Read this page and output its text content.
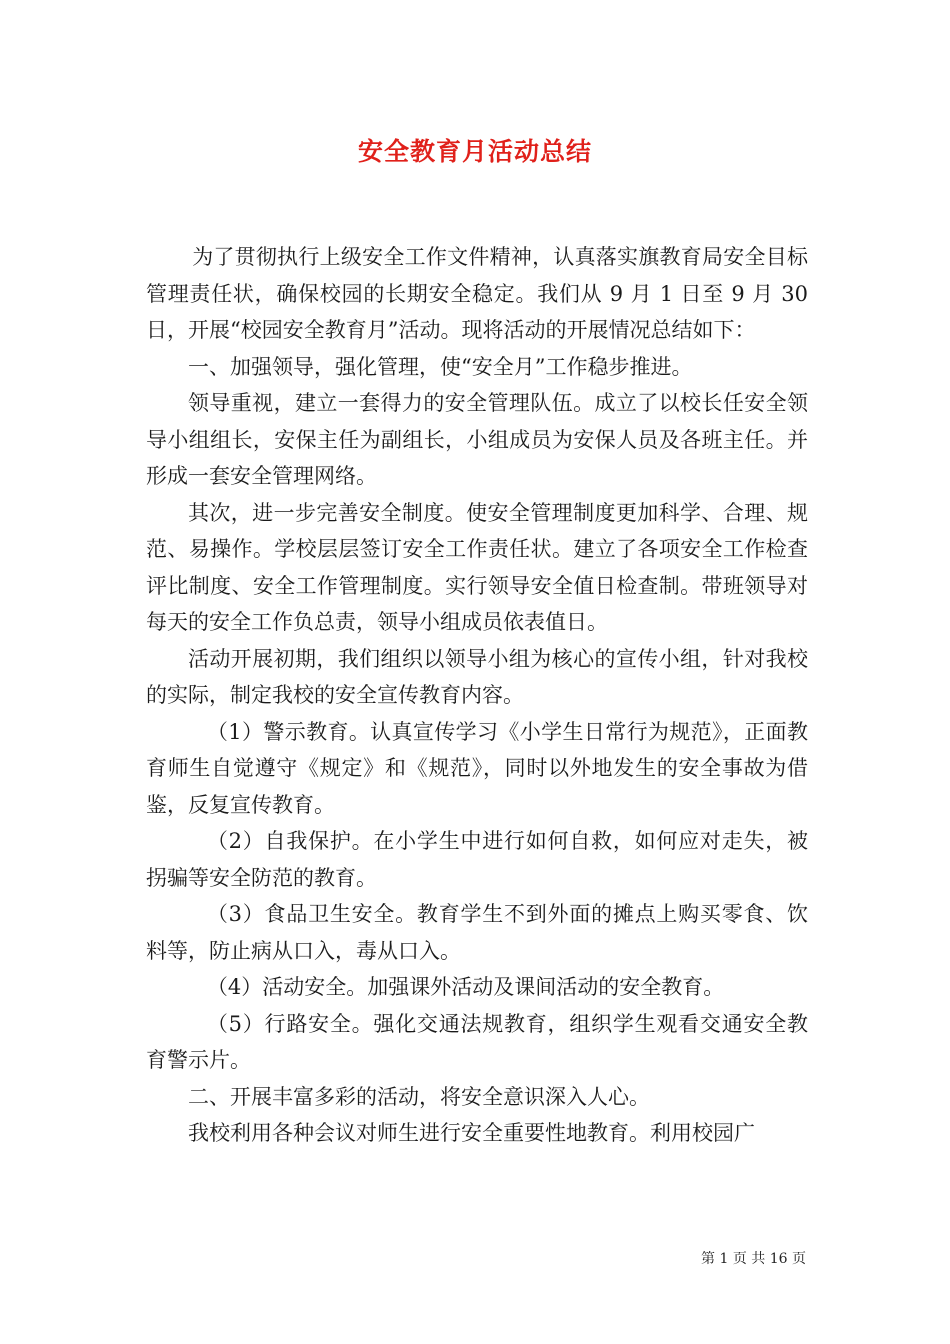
安全教育月活动总结

为了贯彻执行上级安全工作文件精神，认真落实旗教育局安全目标管理责任状，确保校园的长期安全稳定。我们从 9 月 1 日至 9 月 30 日，开展“校园安全教育月”活动。现将活动的开展情况总结如下：

一、加强领导，强化管理，使“安全月”工作稳步推进。

领导重视，建立一套得力的安全管理队伍。成立了以校长任安全领导小组组长，安保主任为副组长，小组成员为安保人员及各班主任。并形成一套安全管理网络。

其次，进一步完善安全制度。使安全管理制度更加科学、合理、规范、易操作。学校层层签订安全工作责任状。建立了各项安全工作检查评比制度、安全工作管理制度。实行领导安全值日检查制。带班领导对每天的安全工作负总责，领导小组成员依表值日。

活动开展初期，我们组织以领导小组为核心的宣传小组，针对我校的实际，制定我校的安全宣传教育内容。

（1）警示教育。认真宣传学习《小学生日常行为规范》，正面教育师生自觉遵守《规定》和《规范》，同时以外地发生的安全事故为借鉴，反复宣传教育。

（2）自我保护。在小学生中进行如何自救，如何应对走失，被拐骗等安全防范的教育。

（3）食品卫生安全。教育学生不到外面的摊点上购买零食、饮料等，防止病从口入，毒从口入。

（4）活动安全。加强课外活动及课间活动的安全教育。

（5）行路安全。强化交通法规教育，组织学生观看交通安全教育警示片。

二、开展丰富多彩的活动，将安全意识深入人心。

我校利用各种会议对师生进行安全重要性地教育。利用校园广

第 1 页 共 16 页
